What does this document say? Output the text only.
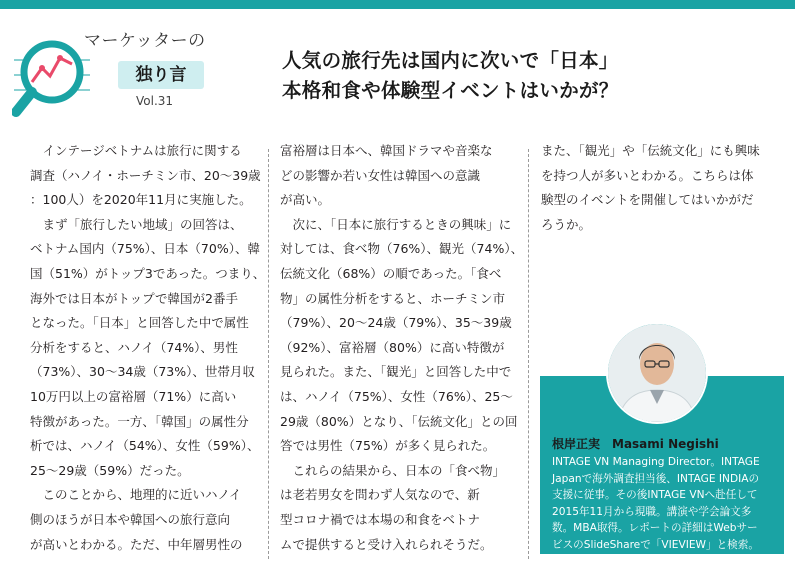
マーケッターの
独り言
Vol.31
人気の旅行先は国内に次いで「日本」
本格和食や体験型イベントはいかが？

　インテージベトナムは旅行に関する

調査（ハノイ・ホーチミン市、20〜39歳

：100人）を2020年11月に実施した。

　まず「旅行したい地域」の回答は、

ベトナム国内（75%）、日本（70%）、韓

国（51%）がトップ3であった。つまり、

海外では日本がトップで韓国が2番手

となった。「日本」と回答した中で属性

分析をすると、ハノイ（74%）、男性

（73%）、30〜34歳（73%）、世帯月収

10万円以上の富裕層（71%）に高い

特徴があった。一方、「韓国」の属性分

析では、ハノイ（54%）、女性（59%）、

25〜29歳（59%）だった。

　このことから、地理的に近いハノイ

側のほうが日本や韓国への旅行意向

が高いとわかる。ただ、中年層男性の

富裕層は日本へ、韓国ドラマや音楽な

どの影響か若い女性は韓国への意識

が高い。

　次に、「日本に旅行するときの興味」に

対しては、食べ物（76%）、観光（74%）、

伝統文化（68%）の順であった。「食べ

物」の属性分析をすると、ホーチミン市

（79%）、20〜24歳（79%）、35〜39歳

（92%）、富裕層（80%）に高い特徴が

見られた。また、「観光」と回答した中で

は、ハノイ（75%）、女性（76%）、25〜

29歳（80%）となり、「伝統文化」との回

答では男性（75%）が多く見られた。

　これらの結果から、日本の「食べ物」

は老若男女を問わず人気なので、新

型コロナ禍では本場の和食をベトナ

ムで提供すると受け入れられそうだ。

また、「観光」や「伝統文化」にも興味

を持つ人が多いとわかる。こちらは体

験型のイベントを開催してはいかがだ

ろうか。

根岸正実　Masami Negishi
INTAGE VN Managing Director。INTAGE
Japanで海外調査担当後、INTAGE INDIAの
支援に従事。その後INTAGE VNへ赴任して
2015年11月から現職。講演や学会論文多
数。MBA取得。レポートの詳細はWebサー
ビスのSlideShareで「VIEVIEW」と検索。
